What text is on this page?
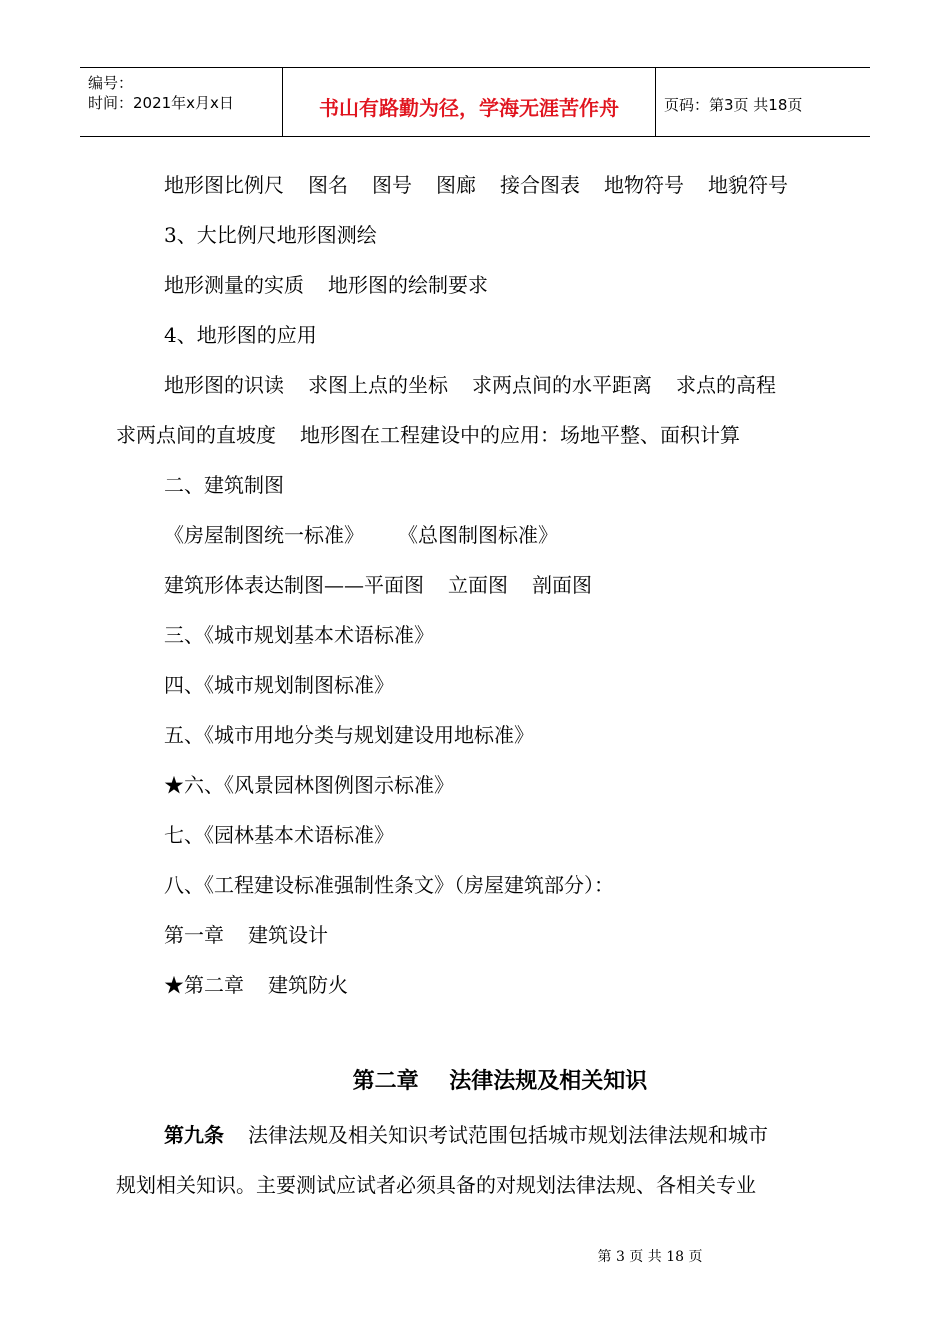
编号：
时间：2021年x月x日	书山有路勤为径，学海无涯苦作舟	页码：第3页 共18页
地形图比例尺 图名 图号 图廊 接合图表 地物符号 地貌符号
3、大比例尺地形图测绘
地形测量的实质 地形图的绘制要求
4、地形图的应用
地形图的识读 求图上点的坐标 求两点间的水平距离 求点的高程
求两点间的直坡度 地形图在工程建设中的应用：场地平整、面积计算
二、建筑制图
《房屋制图统一标准》 《总图制图标准》
建筑形体表达制图——平面图 立面图 剖面图
三、《城市规划基本术语标准》
四、《城市规划制图标准》
五、《城市用地分类与规划建设用地标准》
★六、《风景园林图例图示标准》
七、《园林基本术语标准》
八、《工程建设标准强制性条文》（房屋建筑部分）：
第一章 建筑设计
★第二章 建筑防火
第二章    法律法规及相关知识
第九条 法律法规及相关知识考试范围包括城市规划法律法规和城市
规划相关知识。主要测试应试者必须具备的对规划法律法规、各相关专业
第 3 页 共 18 页
